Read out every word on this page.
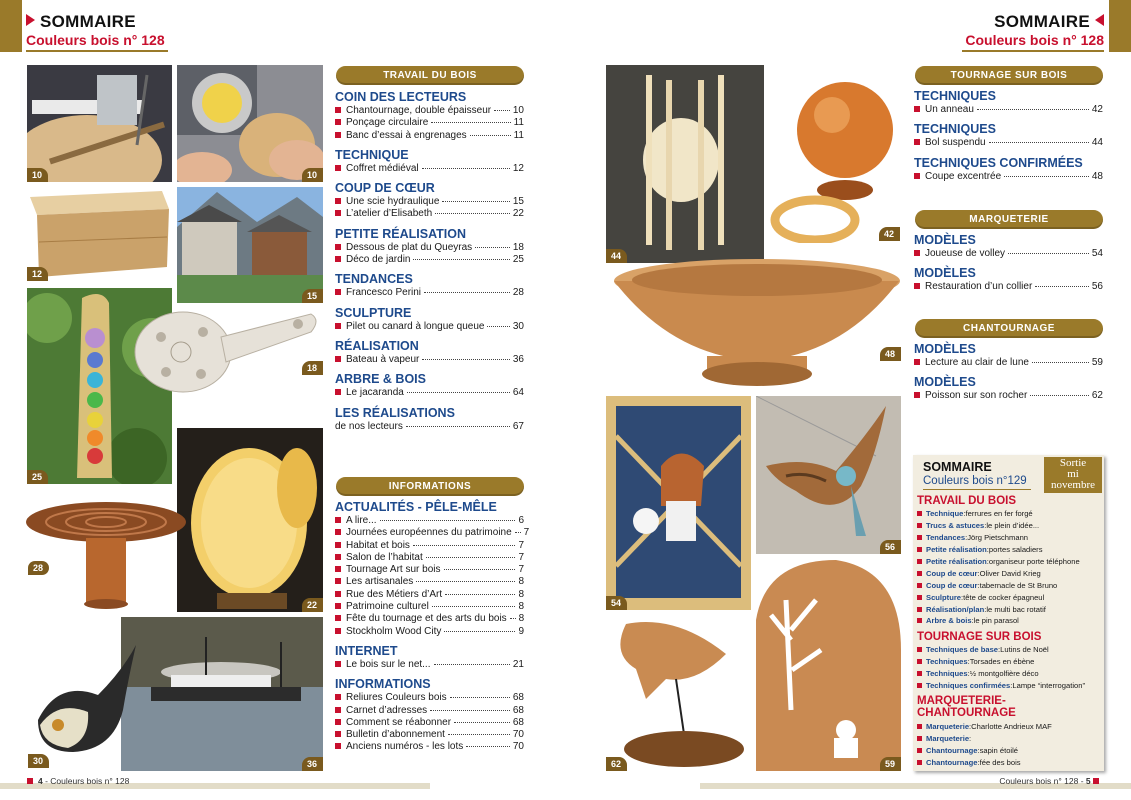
SOMMAIRE
Couleurs bois n° 128
SOMMAIRE
Couleurs bois n° 128
10	10
12
15
25
18
22
28
36
30
TRAVAIL DU BOIS
COIN DES LECTEURS
Chantournage, double épaisseur 10
Ponçage circulaire	11
Banc d’essai à engrenages	11
TECHNIQUE
Coffret médiéval	12
COUP DE CŒUR
Une scie hydraulique	15
L’atelier d’Elisabeth	22
PETITE RÉALISATION
Dessous de plat du Queyras	18
Déco de jardin	25
TENDANCES
Francesco Perini	28
SCULPTURE
Pilet ou canard à longue queue	30
RÉALISATION
Bateau à vapeur	36
ARBRE & BOIS
Le jacaranda	64
LES RÉALISATIONS
de nos lecteurs	67
INFORMATIONS
ACTUALITÉS - PÊLE-MÊLE
A lire...	6
Journées européennes du patrimoine 7
Habitat et bois	7
Salon de l’habitat	7
Tournage Art sur bois	7
Les artisanales	8
Rue des Métiers d’Art	8
Patrimoine culturel	8
Fête du tournage et des arts du bois 8
Stockholm Wood City	9
INTERNET
Le bois sur le net...	21
INFORMATIONS
Reliures Couleurs bois	68
Carnet d’adresses	68
Comment se réabonner	68
Bulletin d’abonnement	70
Anciens numéros - les lots	70
44
42
48
54
56
62	59
TOURNAGE SUR BOIS
TECHNIQUES
Un anneau	42
TECHNIQUES
Bol suspendu	44
TECHNIQUES CONFIRMÉES
Coupe excentrée	48
MARQUETERIE
MODÈLES
Joueuse de volley	54
MODÈLES
Restauration d’un collier	56
CHANTOURNAGE
MODÈLES
Lecture au clair de lune	59
MODÈLES
Poisson sur son rocher	62
SOMMAIRE
Couleurs bois n°129
Sortie
mi
novembre
TRAVAIL DU BOIS
Technique : ferrures en fer forgé
Trucs & astuces : le plein d’idée...
Tendances : Jörg Pietschmann
Petite réalisation : portes saladiers
Petite réalisation : organiseur porte téléphone
Coup de cœur : Oliver David Krieg
Coup de cœur : tabernacle de St Bruno
Sculpture : tête de cocker épagneul
Réalisation/plan : le multi bac rotatif
Arbre & bois : le pin parasol
TOURNAGE SUR BOIS
Techniques de base : Lutins de Noël
Techniques : Torsades en ébène
Techniques : ½ montgolfière déco
Techniques confirmées : Lampe “interrogation”
MARQUETERIE-CHANTOURNAGE
Marqueterie : Charlotte Andrieux MAF
Marqueterie :
Chantournage : sapin étoilé
Chantournage : fée des bois
4 - Couleurs bois n° 128	Couleurs bois n° 128 - 5
